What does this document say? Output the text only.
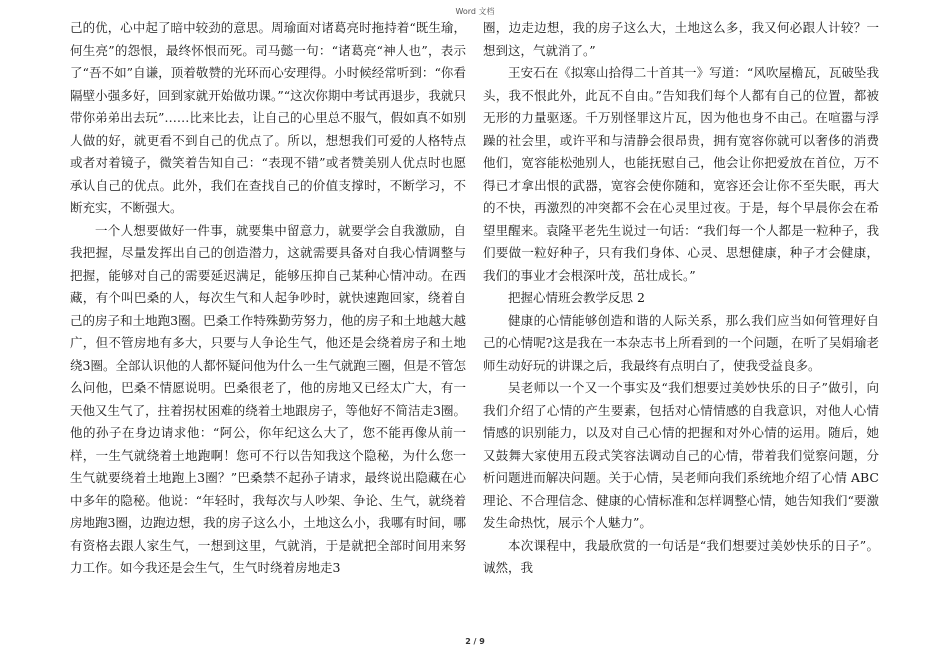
Word 文档

己的优，心中起了暗中较劲的意思。周瑜面对诸葛亮时拖持着“既生瑜，何生亮”的怨恨，最终怀恨而死。司马懿一句：“诸葛亮“神人也”，表示了“吾不如”自谦，顶着敬赞的光环而心安理得。小时候经常听到：“你看隔壁小强多好，回到家就开始做功课。”“这次你期中考试再退步，我就只带你弟弟出去玩”……比来比去，让自己的心里总不服气，假如真不如别人做的好，就更看不到自己的优点了。所以，想想我们可爱的人格特点或者对着镜子，微笑着告知自己：“表现不错”或者赞美别人优点时也愿承认自己的优点。此外，我们在查找自己的价值支撑时，不断学习，不断充实，不断强大。

一个人想要做好一件事，就要集中留意力，就要学会自我激励，自我把握，尽量发挥出自己的创造潜力，这就需要具备对自我心情调整与把握，能够对自己的需要延迟满足，能够压抑自己某种心情冲动。在西藏，有个叫巴桑的人，每次生气和人起争吵时，就快速跑回家，绕着自己的房子和土地跑3圈。巴桑工作特殊勤劳努力，他的房子和土地越大越广，但不管房地有多大，只要与人争论生气，他还是会绕着房子和土地绕3圈。全部认识他的人都怀疑问他为什么一生气就跑三圈，但是不管怎么问他，巴桑不情愿说明。巴桑很老了，他的房地又已经太广大，有一天他又生气了，拄着拐杖困难的绕着土地跟房子，等他好不简洁走3圈。他的孙子在身边请求他：“阿公，你年纪这么大了，您不能再像从前一样，一生气就绕着土地跑啊！您可不行以告知我这个隐秘，为什么您一生气就要绕着土地跑上3圈？”巴桑禁不起孙子请求，最终说出隐藏在心中多年的隐秘。他说：“年轻时，我每次与人吵架、争论、生气，就绕着房地跑3圈，边跑边想，我的房子这么小，土地这么小，我哪有时间，哪有资格去跟人家生气，一想到这里，气就消，于是就把全部时间用来努力工作。如今我还是会生气，生气时绕着房地走3

圈，边走边想，我的房子这么大，土地这么多，我又何必跟人计较？一想到这，气就消了。”

王安石在《拟寒山拾得二十首其一》写道：“风吹屋檐瓦，瓦破坠我头，我不恨此外，此瓦不自由。”告知我们每个人都有自己的位置，都被无形的力量驱逐。千万别怪罪这片瓦，因为他也身不由己。在喧嚣与浮躁的社会里，或许平和与清静会很昂贵，拥有宽容你就可以奢侈的消费他们，宽容能松弛别人，也能抚慰自己，他会让你把爱放在首位，万不得已才拿出恨的武器，宽容会使你随和，宽容还会让你不至失眠，再大的不快，再激烈的冲突都不会在心灵里过夜。于是，每个早晨你会在希望里醒来。袁隆平老先生说过一句话：“我们每一个人都是一粒种子，我们要做一粒好种子，只有我们身体、心灵、思想健康，种子才会健康，我们的事业才会根深叶茂，茁壮成长。”

把握心情班会教学反思 2

健康的心情能够创造和谐的人际关系，那么我们应当如何管理好自己的心情呢?这是我在一本杂志书上所看到的一个问题，在听了吴娟瑜老师生动好玩的讲课之后，我最终有点明白了，使我受益良多。

吴老师以一个又一个事实及“我们想要过美妙快乐的日子”做引，向我们介绍了心情的产生要素，包括对心情情感的自我意识，对他人心情情感的识别能力，以及对自己心情的把握和对外心情的运用。随后，她又鼓舞大家使用五段式笑容法调动自己的心情，带着我们觉察问题，分析问题进而解决问题。关于心情，吴老师向我们系统地介绍了心情 ABC 理论、不合理信念、健康的心情标准和怎样调整心情，她告知我们“要激发生命热忱，展示个人魅力”。

本次课程中，我最欣赏的一句话是“我们想要过美妙快乐的日子”。诚然，我

2 / 9
